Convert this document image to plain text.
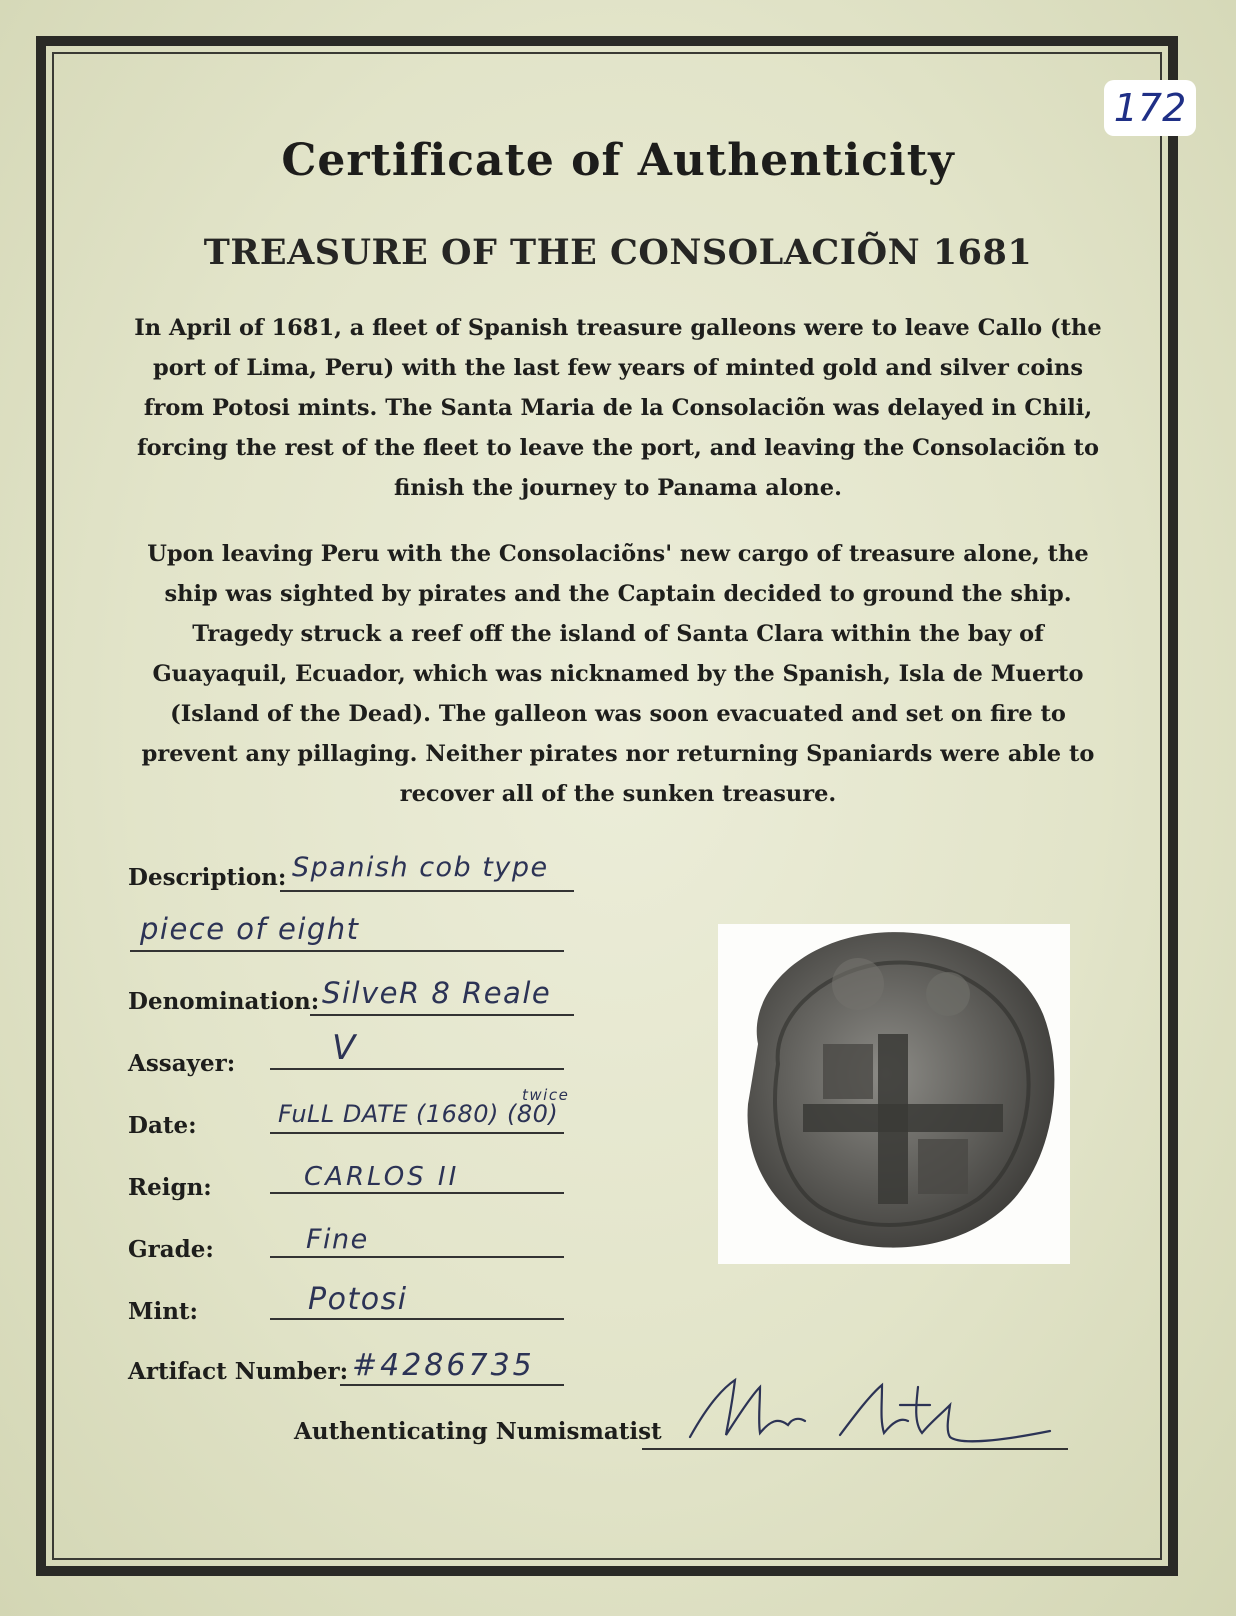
172
Certificate of Authenticity
TREASURE OF THE CONSOLACIÕN 1681
In April of 1681, a fleet of Spanish treasure galleons were to leave Callo (the port of Lima, Peru) with the last few years of minted gold and silver coins from Potosi mints. The Santa Maria de la Consolaciõn was delayed in Chili, forcing the rest of the fleet to leave the port, and leaving the Consolaciõn to finish the journey to Panama alone.
Upon leaving Peru with the Consolaciõns' new cargo of treasure alone, the ship was sighted by pirates and the Captain decided to ground the ship. Tragedy struck a reef off the island of Santa Clara within the bay of Guayaquil, Ecuador, which was nicknamed by the Spanish, Isla de Muerto (Island of the Dead). The galleon was soon evacuated and set on fire to prevent any pillaging. Neither pirates nor returning Spaniards were able to recover all of the sunken treasure.
Description: Spanish cob type
piece of eight
Denomination: SilveR 8 Reale
Assayer:	V
Date:	FuLL DATE (1680) (80)
twice
Reign:	CARLOS II
Grade:	Fine
Mint:	Potosi
Artifact Number: #4286735
Authenticating Numismatist
